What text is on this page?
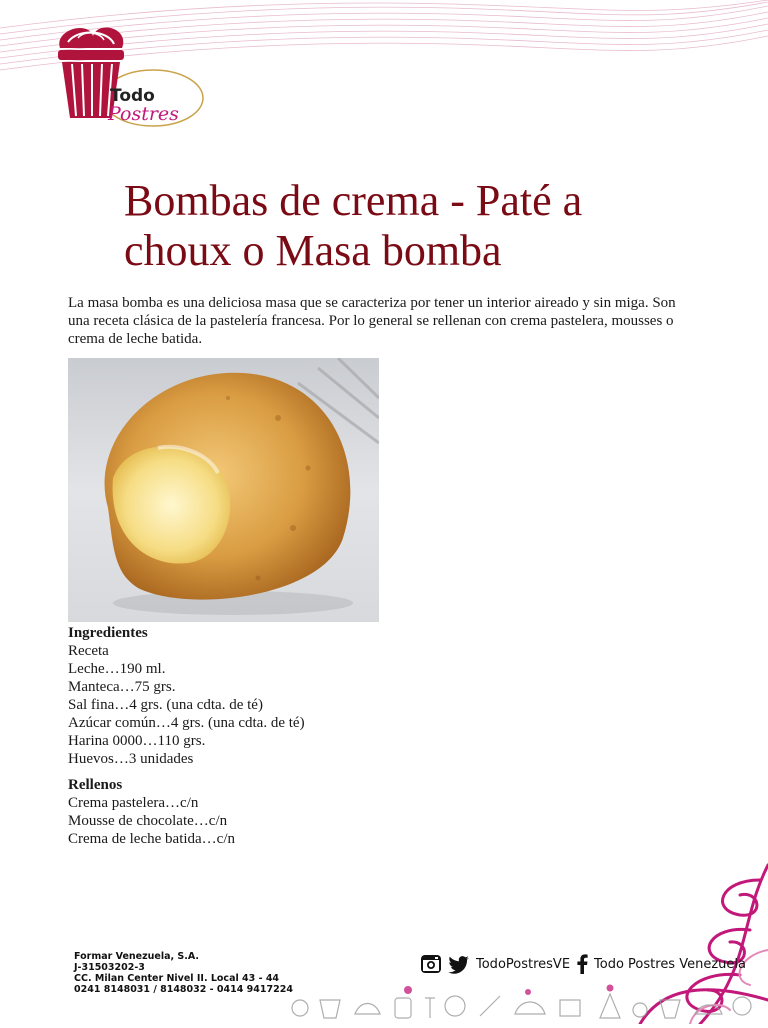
Todo
Postres
Bombas de crema - Paté a choux o Masa bomba

La masa bomba es una deliciosa masa que se caracteriza por tener un interior aireado y sin miga. Son una receta clásica de la pastelería francesa. Por lo general se rellenan con crema pastelera, mousses o crema de leche batida.

Ingredientes
Receta
Leche…190 ml.
Manteca…75 grs.
Sal fina…4 grs. (una cdta. de té)
Azúcar común…4 grs. (una cdta. de té)
Harina 0000…110 grs.
Huevos…3 unidades
Rellenos
Crema pastelera…c/n
Mousse de chocolate…c/n
Crema de leche batida…c/n
Formar Venezuela, S.A.
J-31503202-3
CC. Milan Center Nivel II. Local 43 - 44
0241 8148031 / 8148032 - 0414 9417224
TodoPostresVE Todo Postres Venezuela
